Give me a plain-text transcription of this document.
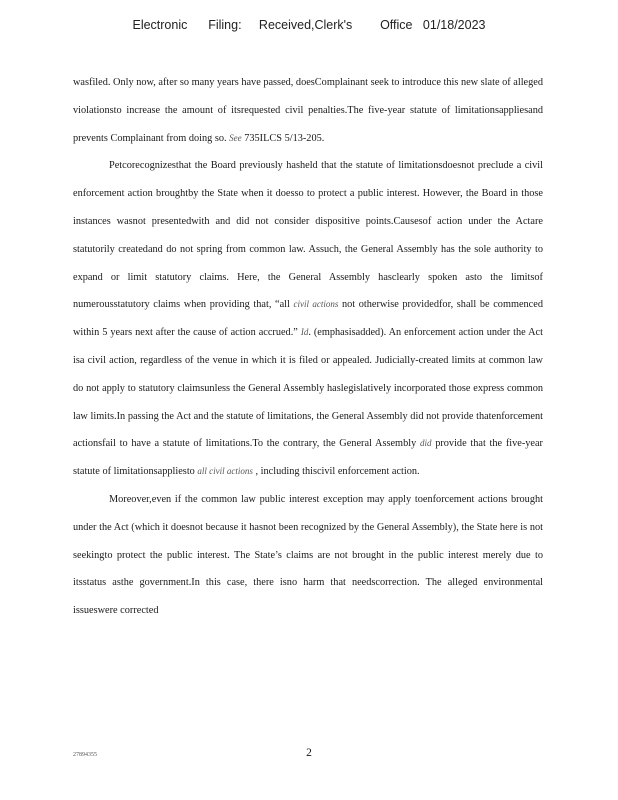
Electronic      Filing:     Received,Clerk's        Office   01/18/2023

wasfiled. Only now, after so many years have passed, doesComplainant seek to introduce this new slate of alleged violationsto increase the amount of itsrequested civil penalties.The five-year statute of limitationsappliesand prevents Complainant from doing so. See 735ILCS 5/13-205.

Petcorecognizesthat the Board previously hasheld that the statute of limitationsdoesnot preclude a civil enforcement action broughtby the State when it doesso to protect a public interest. However, the Board in those instances wasnot presentedwith and did not consider dispositive points.Causesof action under the Actare statutorily createdand do not spring from common law. Assuch, the General Assembly has the sole authority to expand or limit statutory claims. Here, the General Assembly hasclearly spoken asto the limitsof numerousstatutory claims when providing that, “all civil actions not otherwise providedfor, shall be commenced within 5 years next after the cause of action accrued.” Id. (emphasisadded). An enforcement action under the Act isa civil action, regardless of the venue in which it is filed or appealed. Judicially-created limits at common law do not apply to statutory claimsunless the General Assembly haslegislatively incorporated those express common law limits.In passing the Act and the statute of limitations, the General Assembly did not provide thatenforcement actionsfail to have a statute of limitations.To the contrary, the General Assembly did provide that the five-year statute of limitationsappliesto all civil actions , including thiscivil enforcement action.

Moreover,even if the common law public interest exception may apply toenforcement actions brought under the Act (which it doesnot because it hasnot been recognized by the General Assembly), the State here is not seekingto protect the public interest. The State’s claims are not brought in the public interest merely due to itsstatus asthe government.In this case, there isno harm that needscorrection. The alleged environmental issueswere corrected

27894355	2
